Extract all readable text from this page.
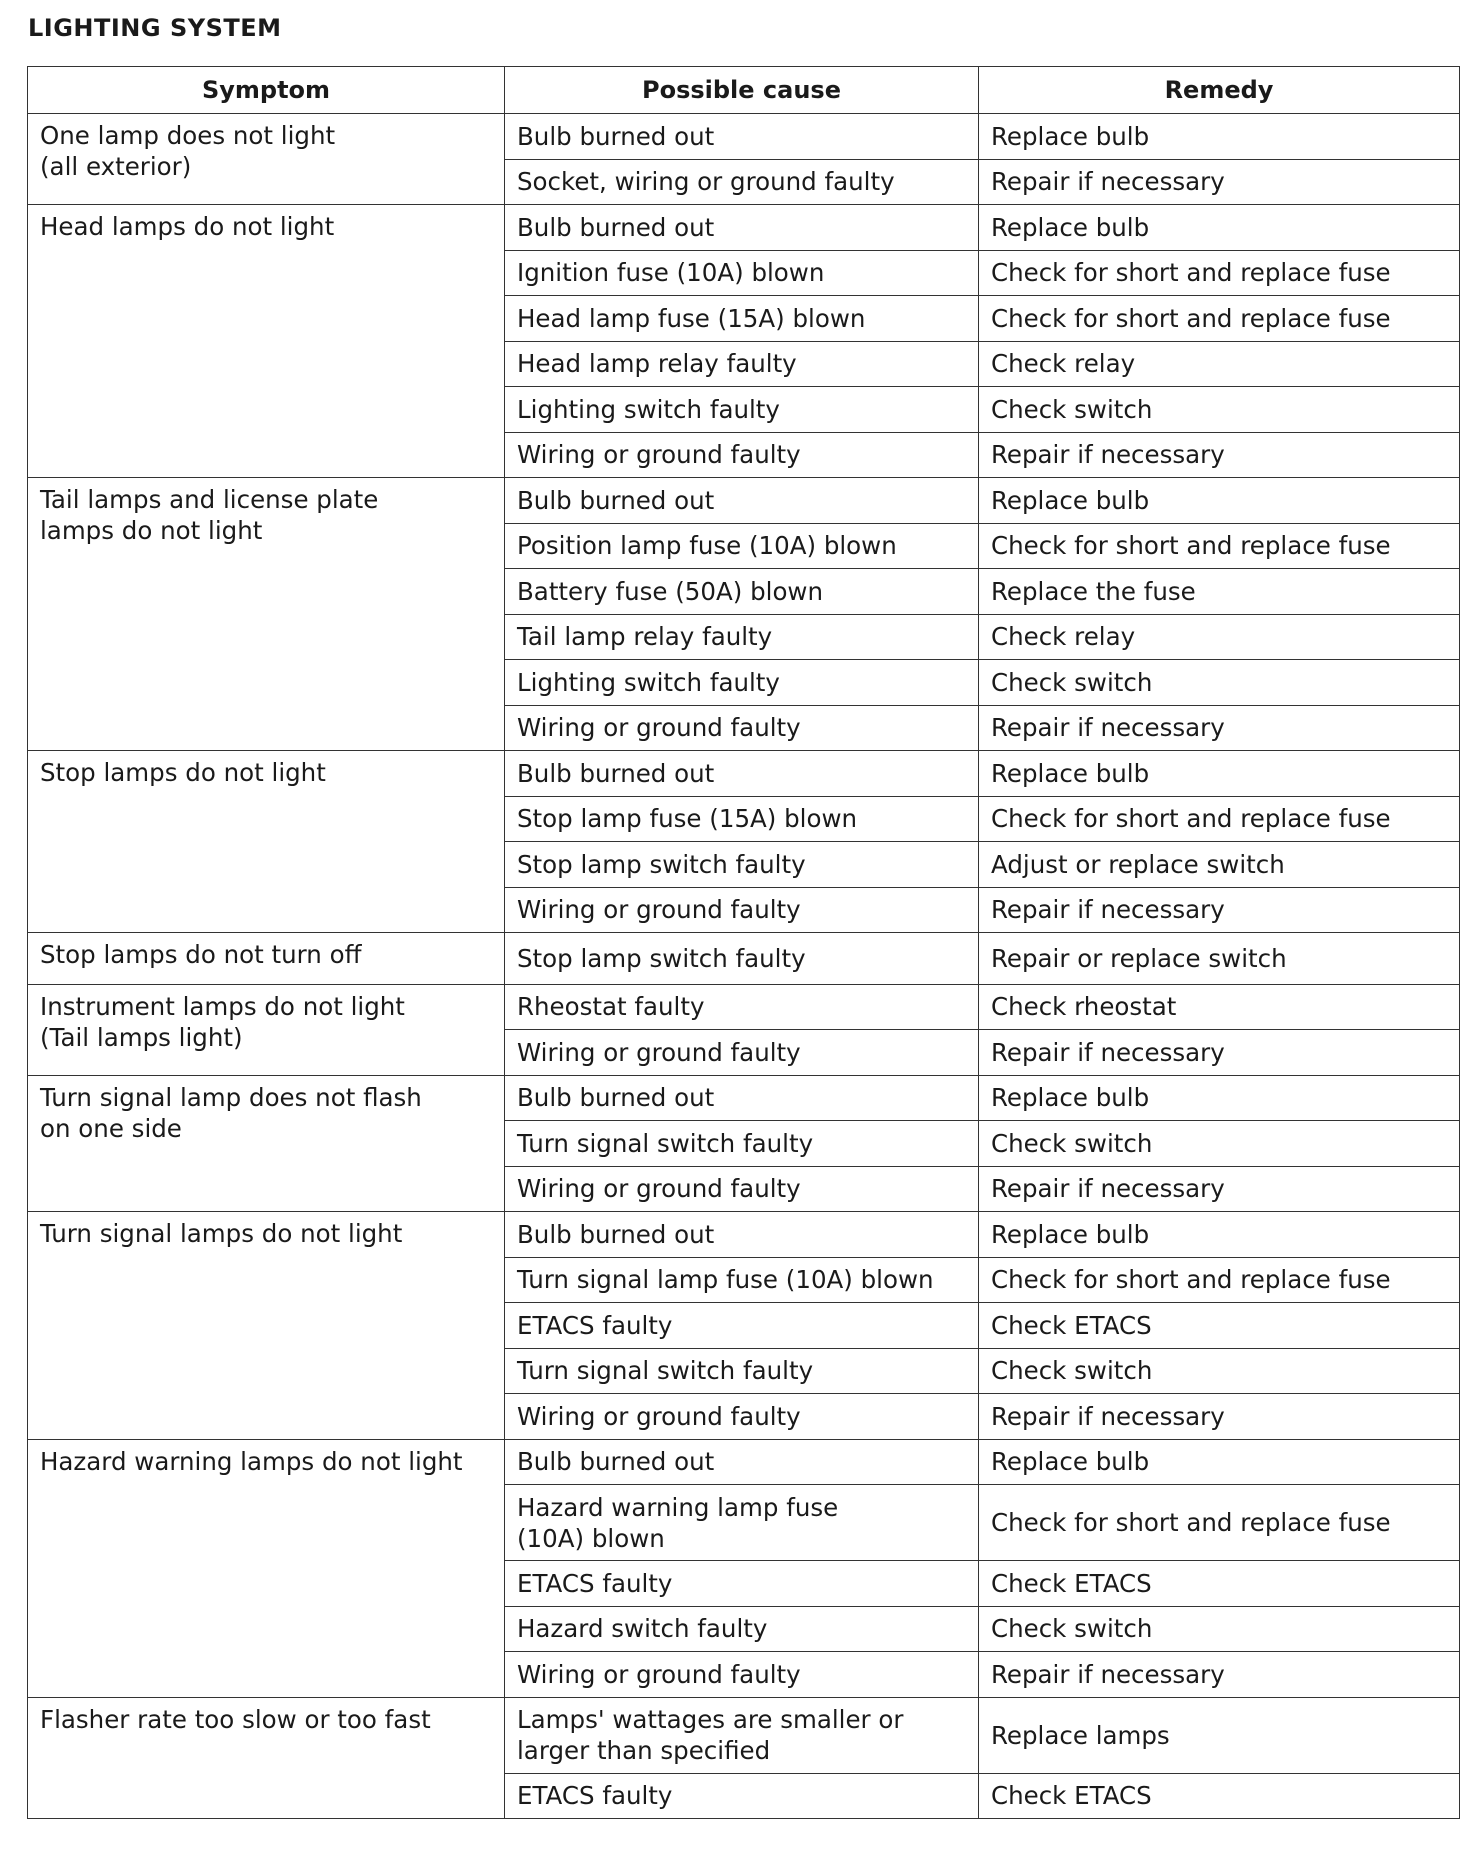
LIGHTING SYSTEM
Symptom	Possible cause	Remedy
One lamp does not light
(all exterior)	Bulb burned out	Replace bulb
	Socket, wiring or ground faulty	Repair if necessary
Head lamps do not light	Bulb burned out	Replace bulb
	Ignition fuse (10A) blown	Check for short and replace fuse
	Head lamp fuse (15A) blown	Check for short and replace fuse
	Head lamp relay faulty	Check relay
	Lighting switch faulty	Check switch
	Wiring or ground faulty	Repair if necessary
Tail lamps and license plate
lamps do not light	Bulb burned out	Replace bulb
	Position lamp fuse (10A) blown	Check for short and replace fuse
	Battery fuse (50A) blown	Replace the fuse
	Tail lamp relay faulty	Check relay
	Lighting switch faulty	Check switch
	Wiring or ground faulty	Repair if necessary
Stop lamps do not light	Bulb burned out	Replace bulb
	Stop lamp fuse (15A) blown	Check for short and replace fuse
	Stop lamp switch faulty	Adjust or replace switch
	Wiring or ground faulty	Repair if necessary
Stop lamps do not turn off	Stop lamp switch faulty	Repair or replace switch
Instrument lamps do not light
(Tail lamps light)	Rheostat faulty	Check rheostat
	Wiring or ground faulty	Repair if necessary
Turn signal lamp does not flash
on one side	Bulb burned out	Replace bulb
	Turn signal switch faulty	Check switch
	Wiring or ground faulty	Repair if necessary
Turn signal lamps do not light	Bulb burned out	Replace bulb
	Turn signal lamp fuse (10A) blown	Check for short and replace fuse
	ETACS faulty	Check ETACS
	Turn signal switch faulty	Check switch
	Wiring or ground faulty	Repair if necessary
Hazard warning lamps do not light	Bulb burned out	Replace bulb
	Hazard warning lamp fuse
(10A) blown	Check for short and replace fuse
	ETACS faulty	Check ETACS
	Hazard switch faulty	Check switch
	Wiring or ground faulty	Repair if necessary
Flasher rate too slow or too fast	Lamps' wattages are smaller or
larger than specified	Replace lamps
	ETACS faulty	Check ETACS
